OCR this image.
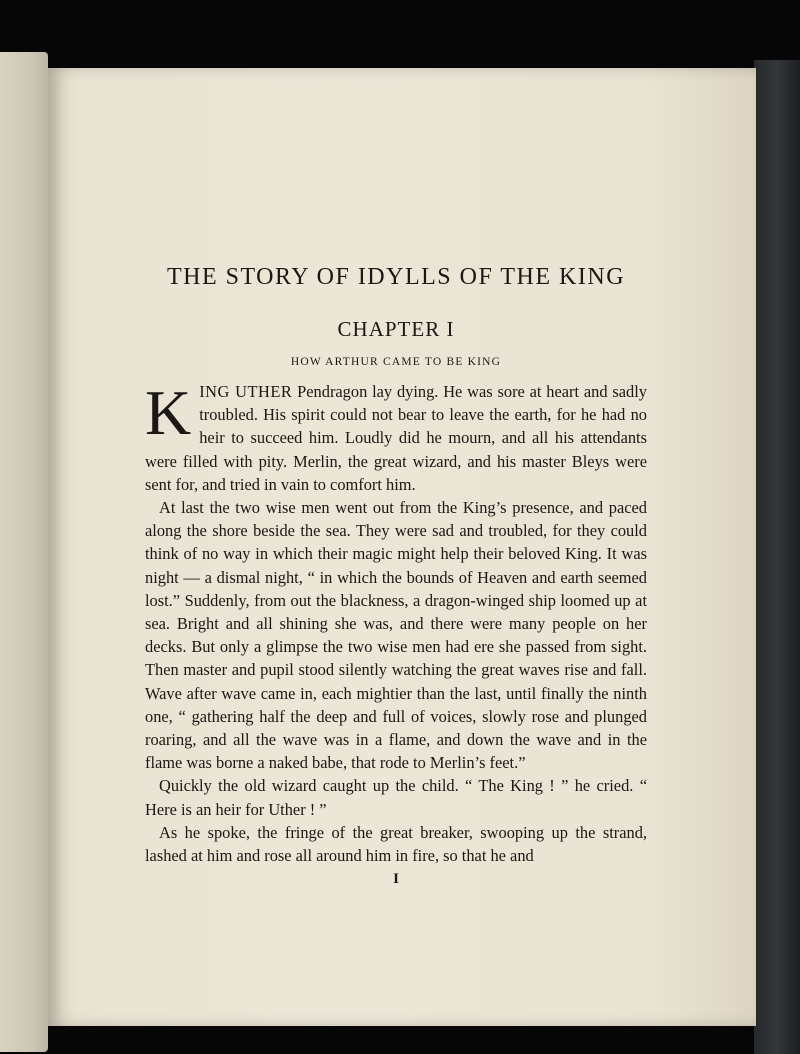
THE STORY OF IDYLLS OF THE KING
CHAPTER I
HOW ARTHUR CAME TO BE KING

KING UTHER Pendragon lay dying. He was sore at heart and sadly troubled. His spirit could not bear to leave the earth, for he had no heir to succeed him. Loudly did he mourn, and all his attendants were filled with pity. Merlin, the great wizard, and his master Bleys were sent for, and tried in vain to comfort him.

At last the two wise men went out from the King’s presence, and paced along the shore beside the sea. They were sad and troubled, for they could think of no way in which their magic might help their beloved King. It was night — a dismal night, “ in which the bounds of Heaven and earth seemed lost.” Suddenly, from out the blackness, a dragon-winged ship loomed up at sea. Bright and all shining she was, and there were many people on her decks. But only a glimpse the two wise men had ere she passed from sight. Then master and pupil stood silently watching the great waves rise and fall. Wave after wave came in, each mightier than the last, until finally the ninth one, “ gathering half the deep and full of voices, slowly rose and plunged roaring, and all the wave was in a flame, and down the wave and in the flame was borne a naked babe, that rode to Merlin’s feet.”

Quickly the old wizard caught up the child. “ The King ! ” he cried. “ Here is an heir for Uther ! ”

As he spoke, the fringe of the great breaker, swooping up the strand, lashed at him and rose all around him in fire, so that he and

I
